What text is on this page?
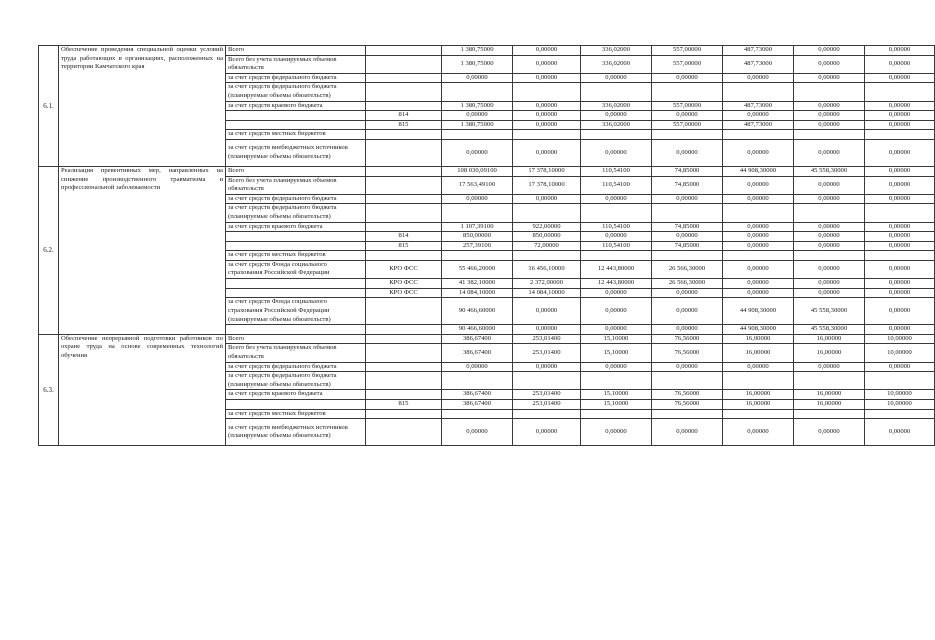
6.1.	Обеспечение проведения специальной оценки условий труда работающих в организациях, расположенных на территории Камчатского края	Всего		1 380,75000	0,00000	336,02000	557,00000	487,73000	0,00000	0,00000
		Всего без учета планируемых объемов обязательств		1 380,75000	0,00000	336,02000	557,00000	487,73000	0,00000	0,00000
		за счет средств федерального бюджета		0,00000	0,00000	0,00000	0,00000	0,00000	0,00000	0,00000
		за счет средств федерального бюджета (планируемые объемы обязательств)								
		за счет средств краевого бюджета		1 380,75000	0,00000	336,02000	557,00000	487,73000	0,00000	0,00000
			814	0,00000	0,00000	0,00000	0,00000	0,00000	0,00000	0,00000
			815	1 380,75000	0,00000	336,02000	557,00000	487,73000	0,00000	0,00000
		за счет средств местных бюджетов								
		за счет средств внебюджетных источников (планируемые объемы обязательств)		0,00000	0,00000	0,00000	0,00000	0,00000	0,00000	0,00000
6.2.	Реализация превентивных мер, направленных на снижение производственного травматизма и профессиональной заболеваемости	Всего		108 030,09100	17 378,10000	110,54100	74,85000	44 908,30000	45 558,30000	0,00000
		Всего без учета планируемых объемов обязательств		17 563,49100	17 378,10000	110,54100	74,85000	0,00000	0,00000	0,00000
		за счет средств федерального бюджета		0,00000	0,00000	0,00000	0,00000	0,00000	0,00000	0,00000
		за счет средств федерального бюджета (планируемые объемы обязательств)								
		за счет средств краевого бюджета		1 107,39100	922,00000	110,54100	74,85000	0,00000	0,00000	0,00000
			814	850,00000	850,00000	0,00000	0,00000	0,00000	0,00000	0,00000
			815	257,39100	72,00000	110,54100	74,85000	0,00000	0,00000	0,00000
		за счет средств местных бюджетов								
		за счет средств Фонда социального страхования Российской Федерации	КРО ФСС	55 466,20000	16 456,10000	12 443,80000	26 566,30000	0,00000	0,00000	0,00000
			КРО ФСС	41 382,10000	2 372,00000	12 443,80000	26 566,30000	0,00000	0,00000	0,00000
			КРО ФСС	14 084,10000	14 084,10000	0,00000	0,00000	0,00000	0,00000	0,00000
		за счет средств Фонда социального страхования Российской Федерации (планируемые объемы обязательств)		90 466,60000	0,00000	0,00000	0,00000	44 908,30000	45 558,30000	0,00000
				90 466,60000	0,00000	0,00000	0,00000	44 908,30000	45 558,30000	0,00000
6.3.	Обеспечение непрерывной подготовки работников по охране труда на основе современных технологий обучения	Всего		386,67400	253,01400	15,10000	76,56000	16,00000	16,00000	10,00000
		Всего без учета планируемых объемов обязательств		386,67400	253,01400	15,10000	76,56000	16,00000	16,00000	10,00000
		за счет средств федерального бюджета		0,00000	0,00000	0,00000	0,00000	0,00000	0,00000	0,00000
		за счет средств федерального бюджета (планируемые объемы обязательств)								
		за счет средств краевого бюджета		386,67400	253,01400	15,10000	76,56000	16,00000	16,00000	10,00000
			815	386,67400	253,01400	15,10000	76,56000	16,00000	16,00000	10,00000
		за счет средств местных бюджетов								
		за счет средств внебюджетных источников (планируемые объемы обязательств)		0,00000	0,00000	0,00000	0,00000	0,00000	0,00000	0,00000
